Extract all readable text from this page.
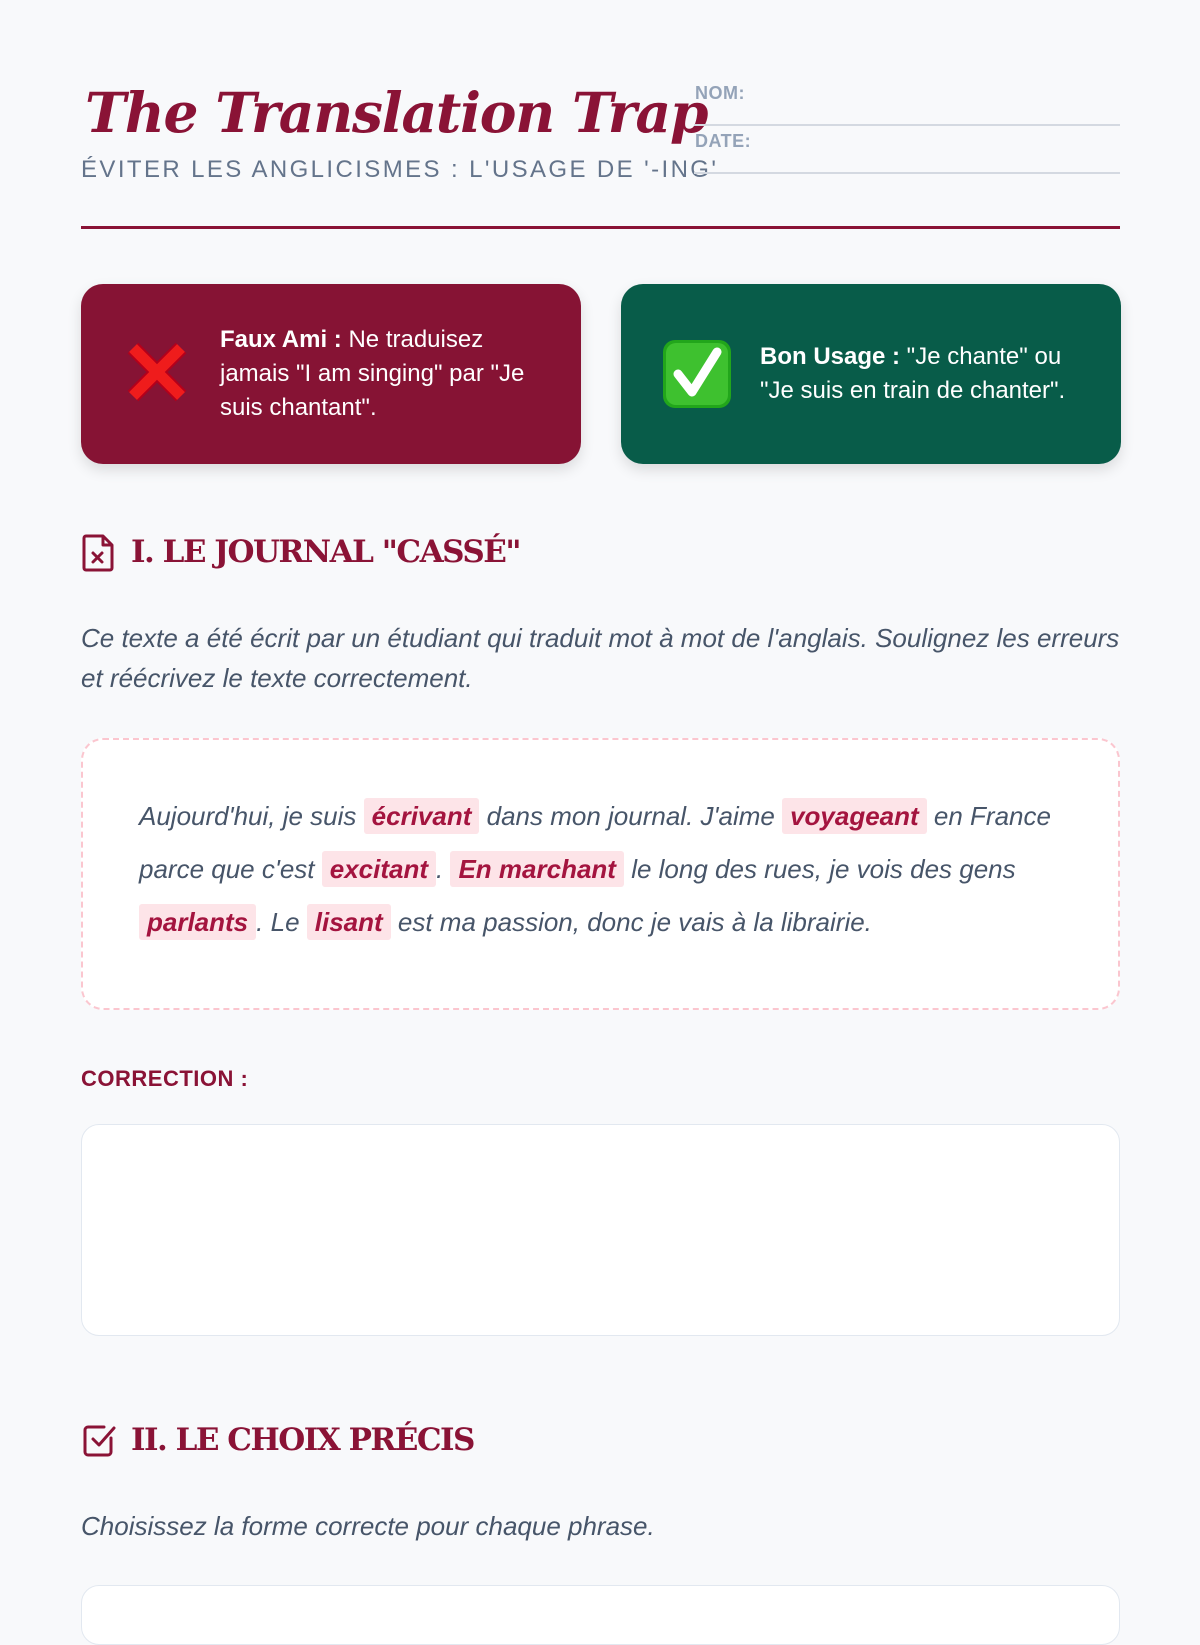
The Translation Trap
ÉVITER LES ANGLICISMES : L'USAGE DE '-ING'
NOM:
DATE:
Faux Ami : Ne traduisez jamais "I am singing" par "Je suis chantant".
Bon Usage : "Je chante" ou "Je suis en train de chanter".
I. LE JOURNAL "CASSÉ"

Ce texte a été écrit par un étudiant qui traduit mot à mot de l'anglais. Soulignez les erreurs et réécrivez le texte correctement.

Aujourd'hui, je suis écrivant dans mon journal. J'aime voyageant en France parce que c'est excitant . En marchant le long des rues, je vois des gens parlants . Le lisant est ma passion, donc je vais à la librairie.

CORRECTION :
II. LE CHOIX PRÉCIS

Choisissez la forme correcte pour chaque phrase.
